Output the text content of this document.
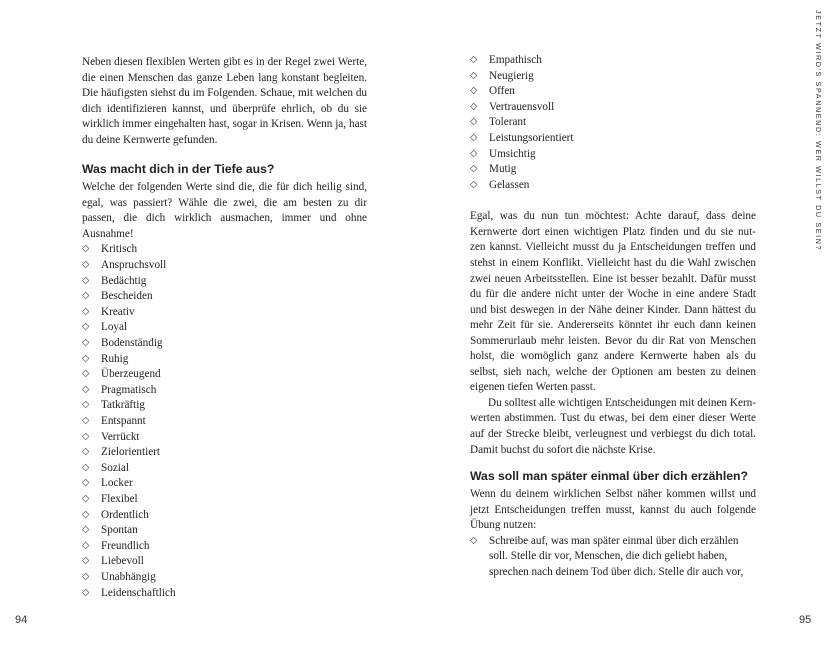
Neben diesen flexiblen Werten gibt es in der Regel zwei Werte, die einen Menschen das ganze Leben lang konstant begleiten. Die häufigsten siehst du im Folgenden. Schaue, mit welchen du dich identifizieren kannst, und überprüfe ehrlich, ob du sie wirklich immer eingehalten hast, sogar in Krisen. Wenn ja, hast du deine Kernwerte gefunden.

Was macht dich in der Tiefe aus?

Welche der folgenden Werte sind die, die für dich heilig sind, egal, was passiert? Wähle die zwei, die am besten zu dir passen, die dich wirklich ausmachen, immer und ohne Ausnahme!

◇ Kritisch
◇ Anspruchsvoll
◇ Bedächtig
◇ Bescheiden
◇ Kreativ
◇ Loyal
◇ Bodenständig
◇ Ruhig
◇ Überzeugend
◇ Pragmatisch
◇ Tatkräftig
◇ Entspannt
◇ Verrückt
◇ Zielorientiert
◇ Sozial
◇ Locker
◇ Flexibel
◇ Ordentlich
◇ Spontan
◇ Freundlich
◇ Liebevoll
◇ Unabhängig
◇ Leidenschaftlich
94
◇ Empathisch
◇ Neugierig
◇ Offen
◇ Vertrauensvoll
◇ Tolerant
◇ Leistungsorientiert
◇ Umsichtig
◇ Mutig
◇ Gelassen

Egal, was du nun tun möchtest: Achte darauf, dass deine Kernwerte dort einen wichtigen Platz finden und du sie nut- zen kannst. Vielleicht musst du ja Entscheidungen treffen und stehst in einem Konflikt. Vielleicht hast du die Wahl zwischen zwei neuen Arbeitsstellen. Eine ist besser bezahlt. Dafür musst du für die andere nicht unter der Woche in eine andere Stadt und bist deswegen in der Nähe deiner Kinder. Dann hättest du mehr Zeit für sie. Andererseits könntet ihr euch dann keinen Sommerurlaub mehr leisten. Bevor du dir Rat von Menschen holst, die womöglich ganz andere Kernwerte haben als du selbst, sieh nach, welche der Optionen am besten zu deinen eigenen tiefen Werten passt.

Du solltest alle wichtigen Entscheidungen mit deinen Kern- werten abstimmen. Tust du etwas, bei dem einer dieser Werte auf der Strecke bleibt, verleugnest und verbiegst du dich total. Damit buchst du sofort die nächste Krise.

Was soll man später einmal über dich erzählen?

Wenn du deinem wirklichen Selbst näher kommen willst und jetzt Entscheidungen treffen musst, kannst du auch folgende Übung nutzen:

◇ Schreibe auf, was man später einmal über dich erzählen
soll. Stelle dir vor, Menschen, die dich geliebt haben,
sprechen nach deinem Tod über dich. Stelle dir auch vor,

95
JETZT WIRD'S SPANNEND: WER WILLST DU SEIN?
